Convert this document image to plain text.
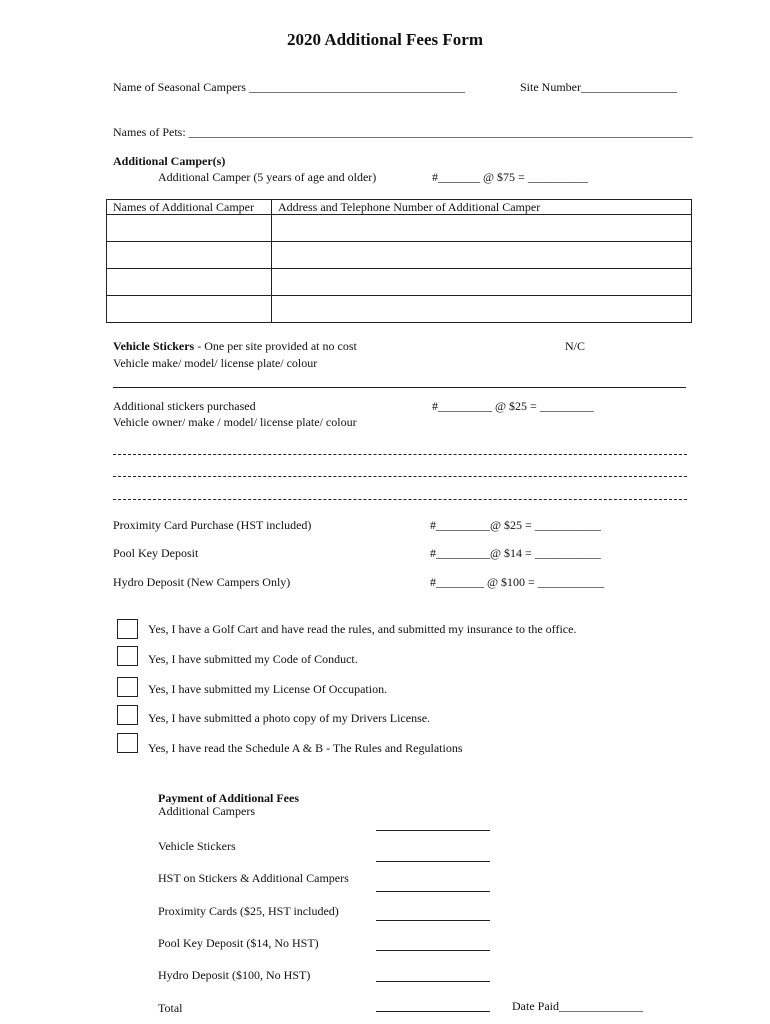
2020 Additional Fees Form
Name of Seasonal Campers ____________________________________	Site Number________________
Names of Pets: ____________________________________________________________________________________
Additional Camper(s)
Additional Camper (5 years of age and older)	#_______ @ $75 = __________
Names of Additional Camper	Address and Telephone Number of Additional Camper

Vehicle Stickers - One per site provided at no cost	N/C
Vehicle make/ model/ license plate/ colour
Additional stickers purchased	#_________ @ $25 = _________
Vehicle owner/ make / model/ license plate/ colour
Proximity Card Purchase (HST included)	#_________@ $25 = ___________
Pool Key Deposit	#_________@ $14 = ___________
Hydro Deposit (New Campers Only)	#________ @ $100 = ___________
Yes, I have a Golf Cart and have read the rules, and submitted my insurance to the office.
Yes, I have submitted my Code of Conduct.
Yes, I have submitted my License Of Occupation.
Yes, I have submitted a photo copy of my Drivers License.
Yes, I have read the Schedule A & B - The Rules and Regulations
Payment of Additional Fees
Additional Campers
Vehicle Stickers
HST on Stickers & Additional Campers
Proximity Cards ($25, HST included)
Pool Key Deposit ($14, No HST)
Hydro Deposit ($100, No HST)
Total	Date Paid______________
